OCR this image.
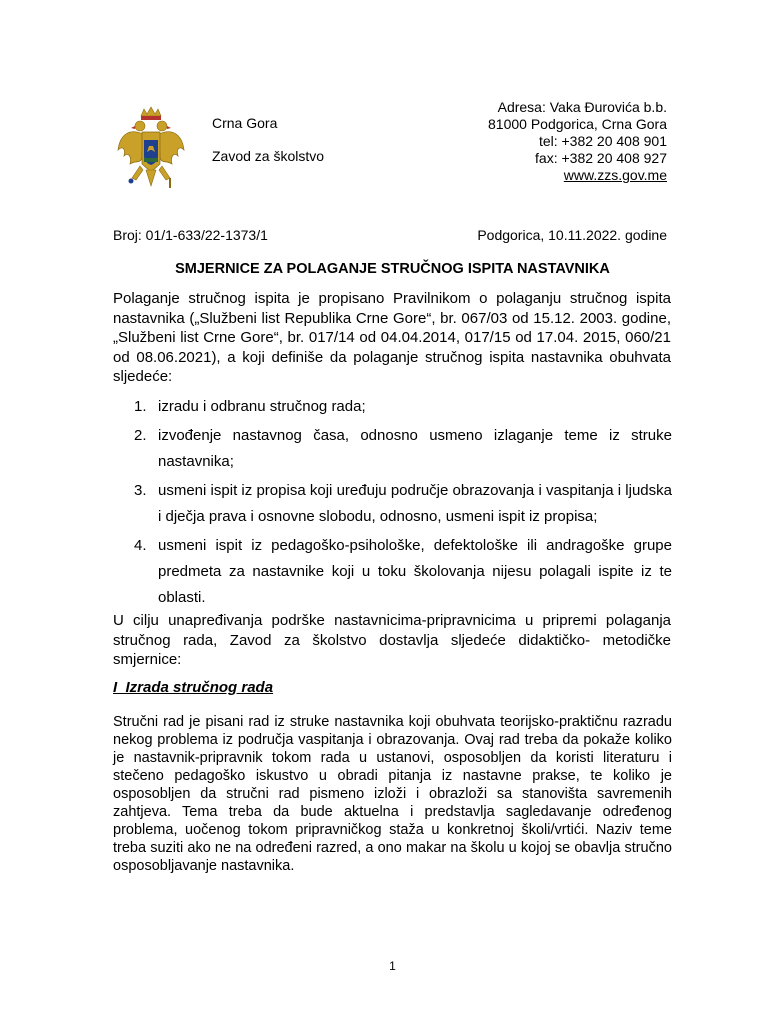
Crna Gora
Zavod za školstvo
Adresa: Vaka Đurovića b.b.
81000 Podgorica, Crna Gora
tel: +382 20 408 901
fax: +382 20 408 927
www.zzs.gov.me
Broj: 01/1-633/22-1373/1	Podgorica, 10.11.2022. godine
SMJERNICE ZA POLAGANJE STRUČNOG ISPITA NASTAVNIKA

Polaganje stručnog ispita je propisano Pravilnikom o polaganju stručnog ispita nastavnika („Službeni list Republika Crne Gore“, br. 067/03 od 15.12. 2003. godine, „Službeni list Crne Gore“, br. 017/14 od 04.04.2014, 017/15 od 17.04. 2015, 060/21 od 08.06.2021), a koji definiše da polaganje stručnog ispita nastavnika obuhvata sljedeće:

1. izradu i odbranu stručnog rada;
2. izvođenje nastavnog časa, odnosno usmeno izlaganje teme iz struke nastavnika;
3. usmeni ispit iz propisa koji uređuju područje obrazovanja i vaspitanja i ljudska i dječja prava i osnovne slobodu, odnosno, usmeni ispit iz propisa;
4. usmeni ispit iz pedagoško-psihološke, defektološke ili andragoške grupe predmeta za nastavnike koji u toku školovanja nijesu polagali ispite iz te oblasti.

U cilju unapređivanja podrške nastavnicima-pripravnicima u pripremi polaganja stručnog rada, Zavod za školstvo dostavlja sljedeće didaktičko- metodičke smjernice:

I  Izrada stručnog rada

Stručni rad je pisani rad iz struke nastavnika koji obuhvata teorijsko-praktičnu razradu nekog problema iz područja vaspitanja i obrazovanja. Ovaj rad treba da pokaže koliko je nastavnik-pripravnik tokom rada u ustanovi, osposobljen da koristi literaturu i stečeno pedagoško iskustvo u obradi pitanja iz nastavne prakse, te koliko je osposobljen da stručni rad pismeno izloži i obrazloži sa stanovišta savremenih zahtjeva. Tema treba da bude aktuelna i predstavlja sagledavanje određenog problema, uočenog tokom pripravničkog staža u konkretnoj školi/vrtići. Naziv teme treba suziti ako ne na određeni razred, a ono makar na školu u kojoj se obavlja stručno osposobljavanje nastavnika.

1
